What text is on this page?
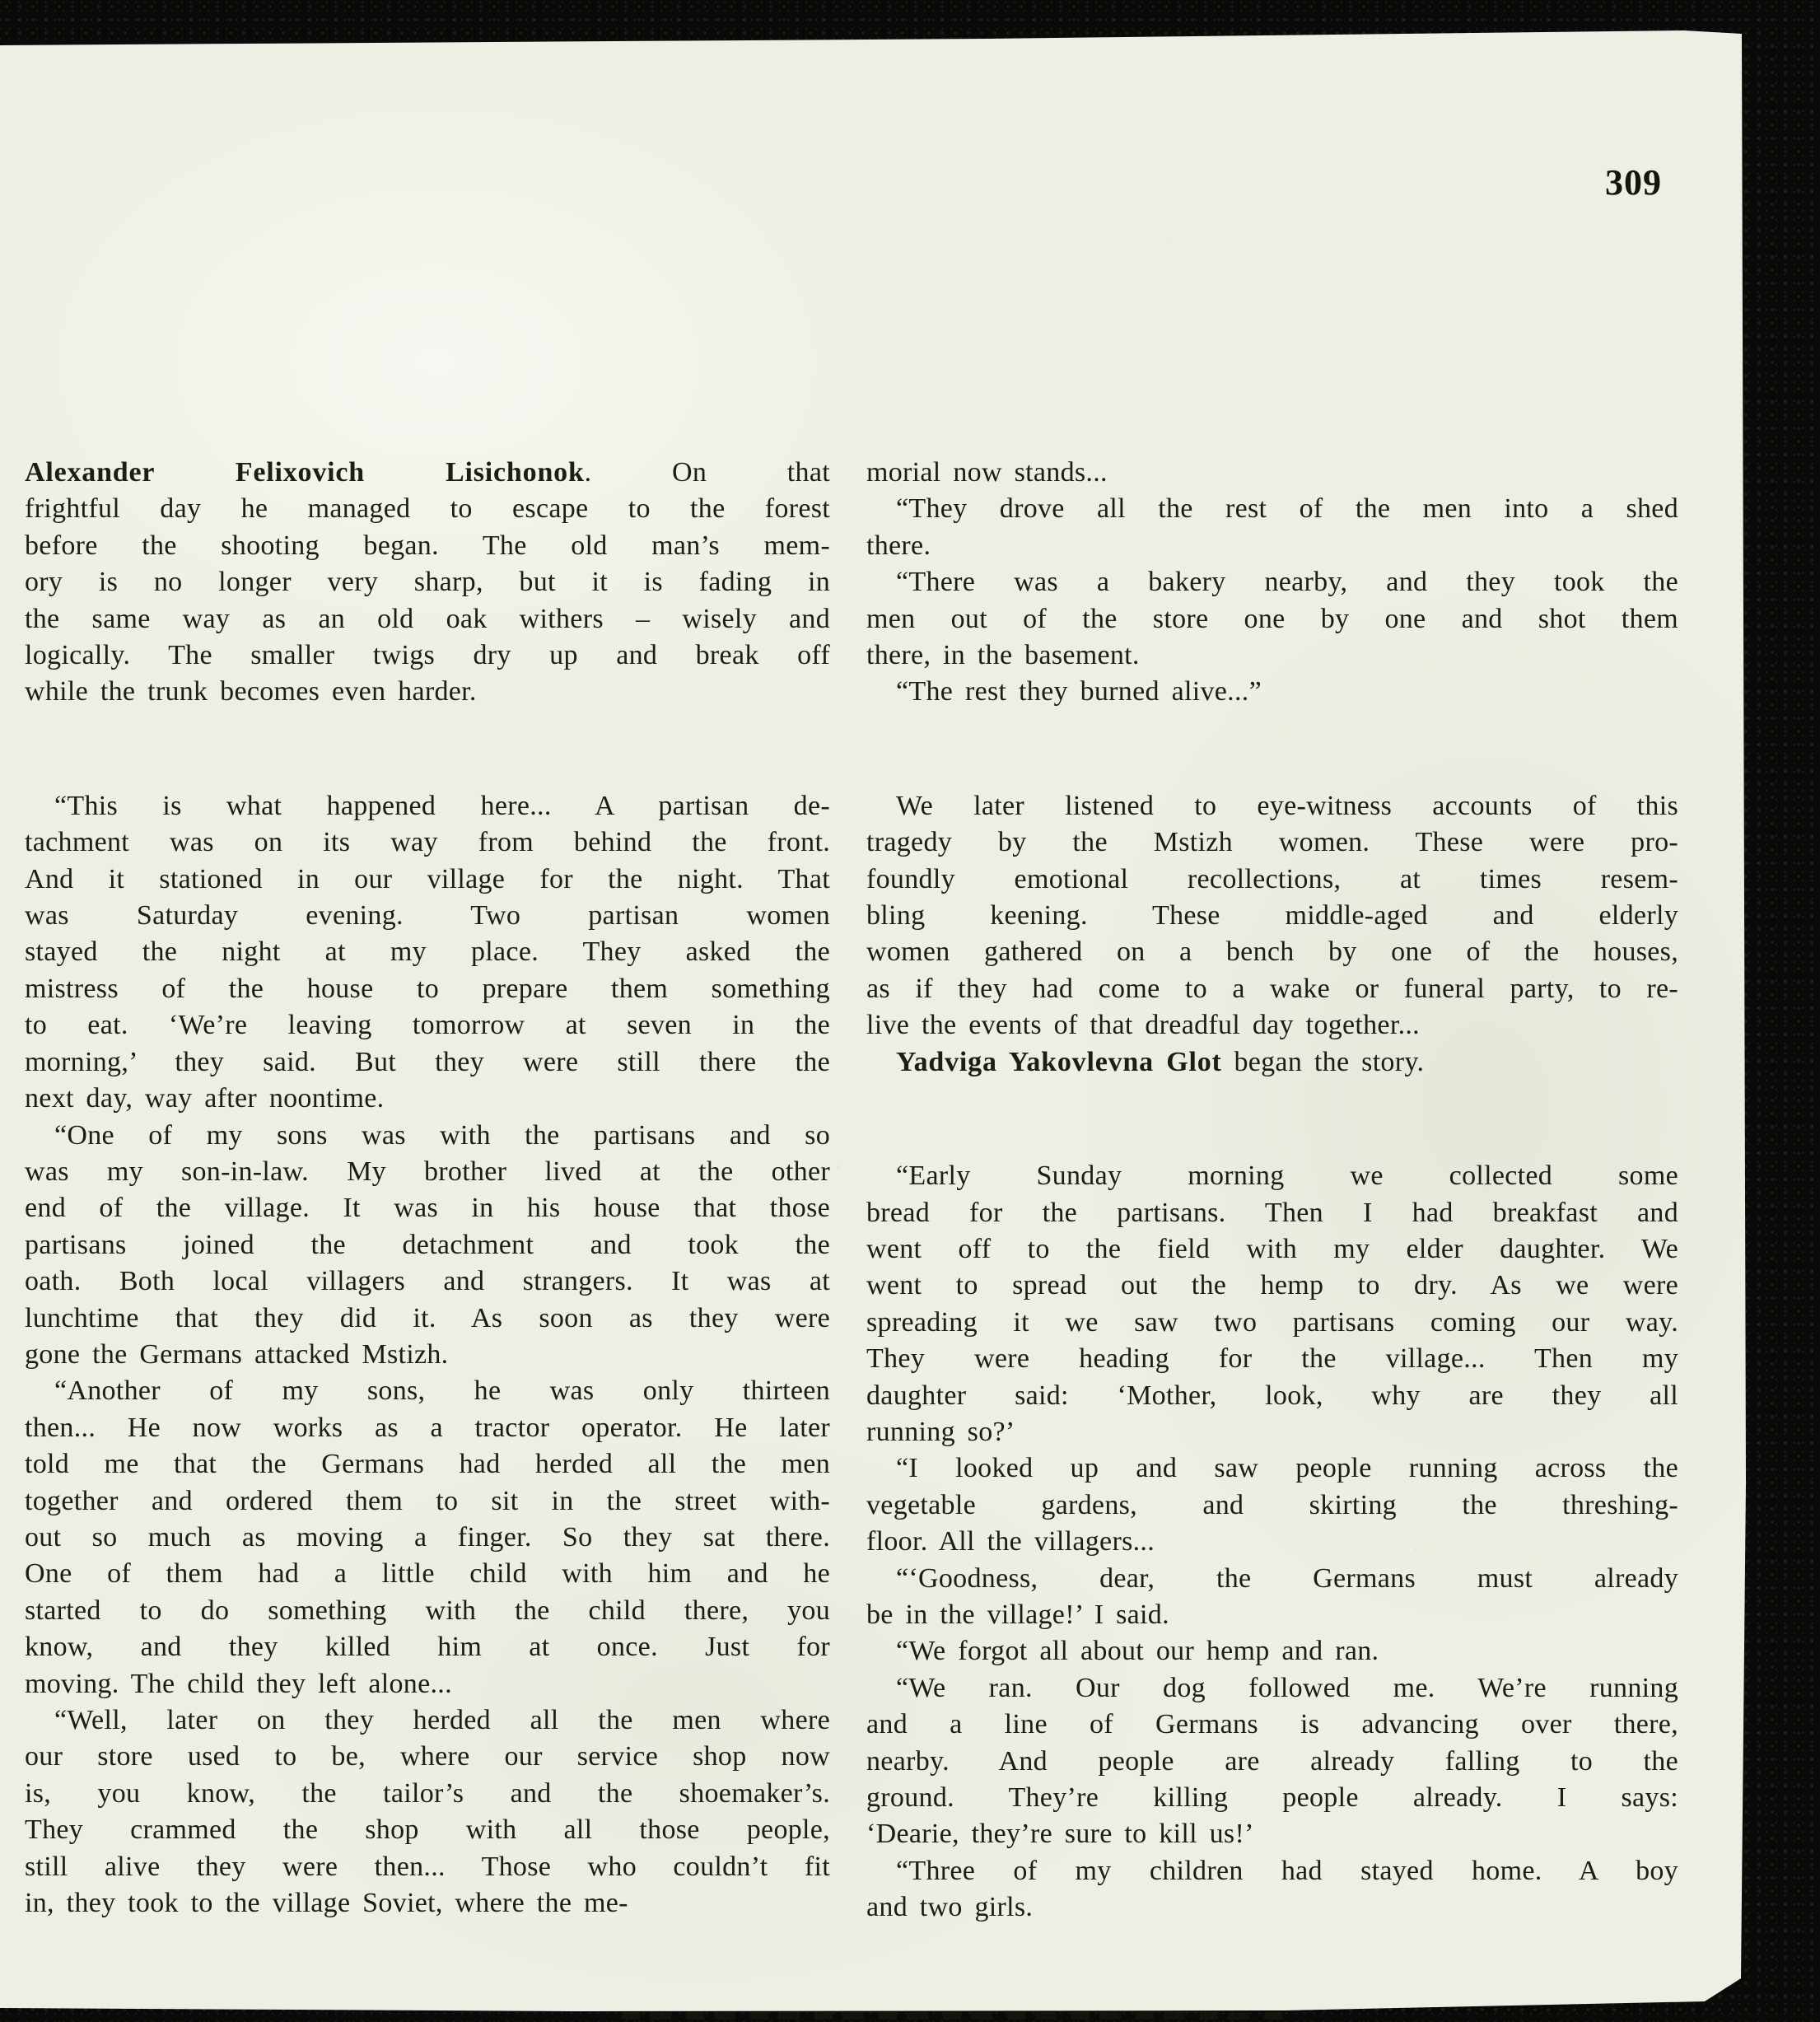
309
Alexander Felixovich Lisichonok. On that
frightful day he managed to escape to the forest
before the shooting began. The old man’s mem-
ory is no longer very sharp, but it is fading in
the same way as an old oak withers – wisely and
logically. The smaller twigs dry up and break off
while the trunk becomes even harder.
“This is what happened here... A partisan de-
tachment was on its way from behind the front.
And it stationed in our village for the night. That
was Saturday evening. Two partisan women
stayed the night at my place. They asked the
mistress of the house to prepare them something
to eat. ‘We’re leaving tomorrow at seven in the
morning,’ they said. But they were still there the
next day, way after noontime.
“One of my sons was with the partisans and so
was my son-in-law. My brother lived at the other
end of the village. It was in his house that those
partisans joined the detachment and took the
oath. Both local villagers and strangers. It was at
lunchtime that they did it. As soon as they were
gone the Germans attacked Mstizh.
“Another of my sons, he was only thirteen
then... He now works as a tractor operator. He later
told me that the Germans had herded all the men
together and ordered them to sit in the street with-
out so much as moving a finger. So they sat there.
One of them had a little child with him and he
started to do something with the child there, you
know, and they killed him at once. Just for
moving. The child they left alone...
“Well, later on they herded all the men where
our store used to be, where our service shop now
is, you know, the tailor’s and the shoemaker’s.
They crammed the shop with all those people,
still alive they were then... Those who couldn’t fit
in, they took to the village Soviet, where the me-
morial now stands...
“They drove all the rest of the men into a shed
there.
“There was a bakery nearby, and they took the
men out of the store one by one and shot them
there, in the basement.
“The rest they burned alive...”
We later listened to eye-witness accounts of this
tragedy by the Mstizh women. These were pro-
foundly emotional recollections, at times resem-
bling keening. These middle-aged and elderly
women gathered on a bench by one of the houses,
as if they had come to a wake or funeral party, to re-
live the events of that dreadful day together...
Yadviga Yakovlevna Glot began the story.
“Early Sunday morning we collected some
bread for the partisans. Then I had breakfast and
went off to the field with my elder daughter. We
went to spread out the hemp to dry. As we were
spreading it we saw two partisans coming our way.
They were heading for the village... Then my
daughter said: ‘Mother, look, why are they all
running so?’
“I looked up and saw people running across the
vegetable gardens, and skirting the threshing-
floor. All the villagers...
“‘Goodness, dear, the Germans must already
be in the village!’ I said.
“We forgot all about our hemp and ran.
“We ran. Our dog followed me. We’re running
and a line of Germans is advancing over there,
nearby. And people are already falling to the
ground. They’re killing people already. I says:
‘Dearie, they’re sure to kill us!’
“Three of my children had stayed home. A boy
and two girls.
